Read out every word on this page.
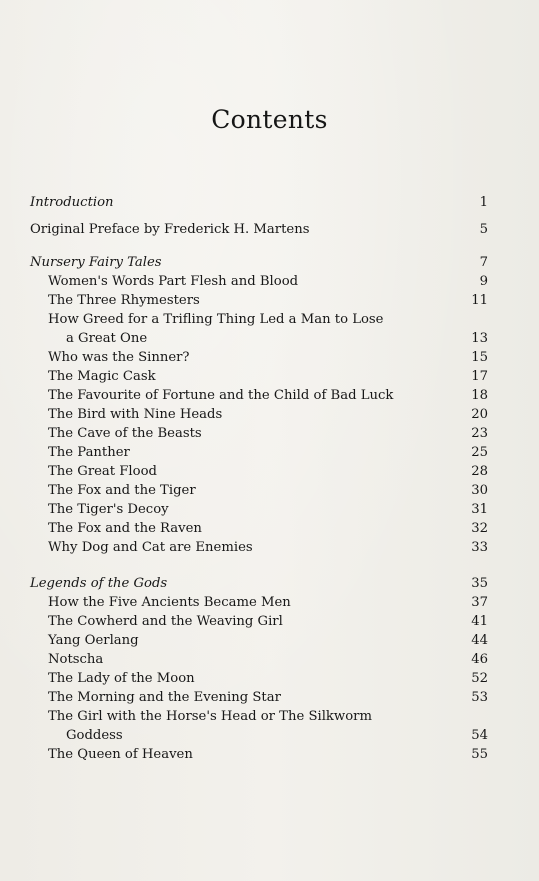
Contents
Introduction	1
Original Preface by Frederick H. Martens	5
Nursery Fairy Tales	7
Women's Words Part Flesh and Blood	9
The Three Rhymesters	11
How Greed for a Trifling Thing Led a Man to Lose
a Great One	13
Who was the Sinner?	15
The Magic Cask	17
The Favourite of Fortune and the Child of Bad Luck	18
The Bird with Nine Heads	20
The Cave of the Beasts	23
The Panther	25
The Great Flood	28
The Fox and the Tiger	30
The Tiger's Decoy	31
The Fox and the Raven	32
Why Dog and Cat are Enemies	33
Legends of the Gods	35
How the Five Ancients Became Men	37
The Cowherd and the Weaving Girl	41
Yang Oerlang	44
Notscha	46
The Lady of the Moon	52
The Morning and the Evening Star	53
The Girl with the Horse's Head or The Silkworm
Goddess	54
The Queen of Heaven	55
